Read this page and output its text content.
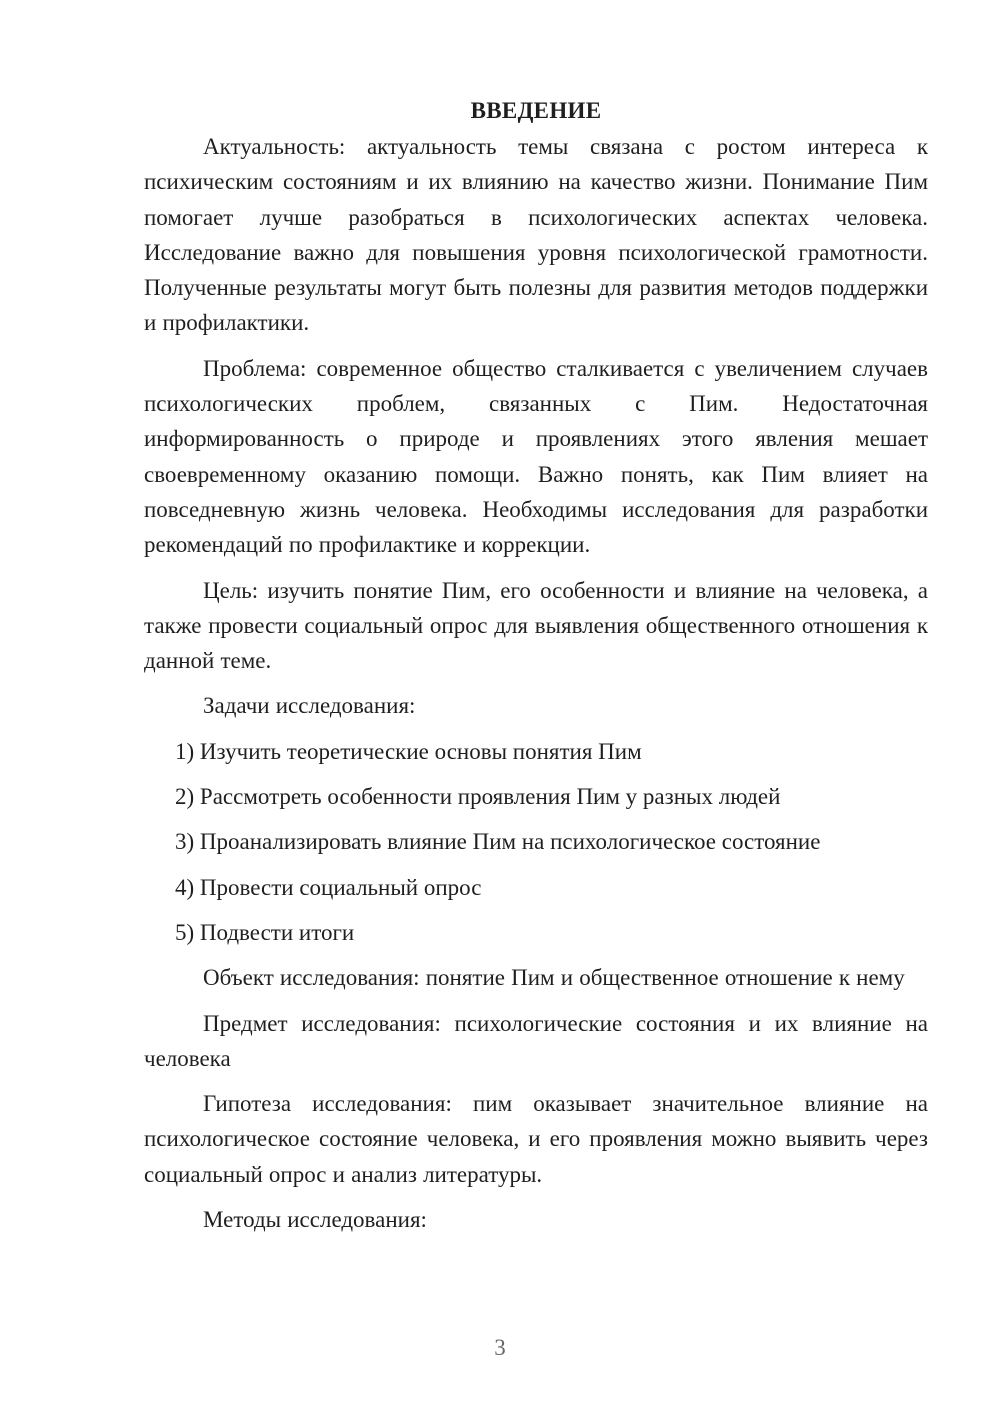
ВВЕДЕНИЕ

Актуальность: актуальность темы связана с ростом интереса к психическим состояниям и их влиянию на качество жизни. Понимание Пим помогает лучше разобраться в психологических аспектах человека. Исследование важно для повышения уровня психологической грамотности. Полученные результаты могут быть полезны для развития методов поддержки и профилактики.

Проблема: современное общество сталкивается с увеличением случаев психологических проблем, связанных с Пим. Недостаточная информированность о природе и проявлениях этого явления мешает своевременному оказанию помощи. Важно понять, как Пим влияет на повседневную жизнь человека. Необходимы исследования для разработки рекомендаций по профилактике и коррекции.

Цель: изучить понятие Пим, его особенности и влияние на человека, а также провести социальный опрос для выявления общественного отношения к данной теме.

Задачи исследования:

1) Изучить теоретические основы понятия Пим

2) Рассмотреть особенности проявления Пим у разных людей

3) Проанализировать влияние Пим на психологическое состояние

4) Провести социальный опрос

5) Подвести итоги

Объект исследования: понятие Пим и общественное отношение к нему

Предмет исследования: психологические состояния и их влияние на человека

Гипотеза исследования: пим оказывает значительное влияние на психологическое состояние человека, и его проявления можно выявить через социальный опрос и анализ литературы.

Методы исследования:

3
